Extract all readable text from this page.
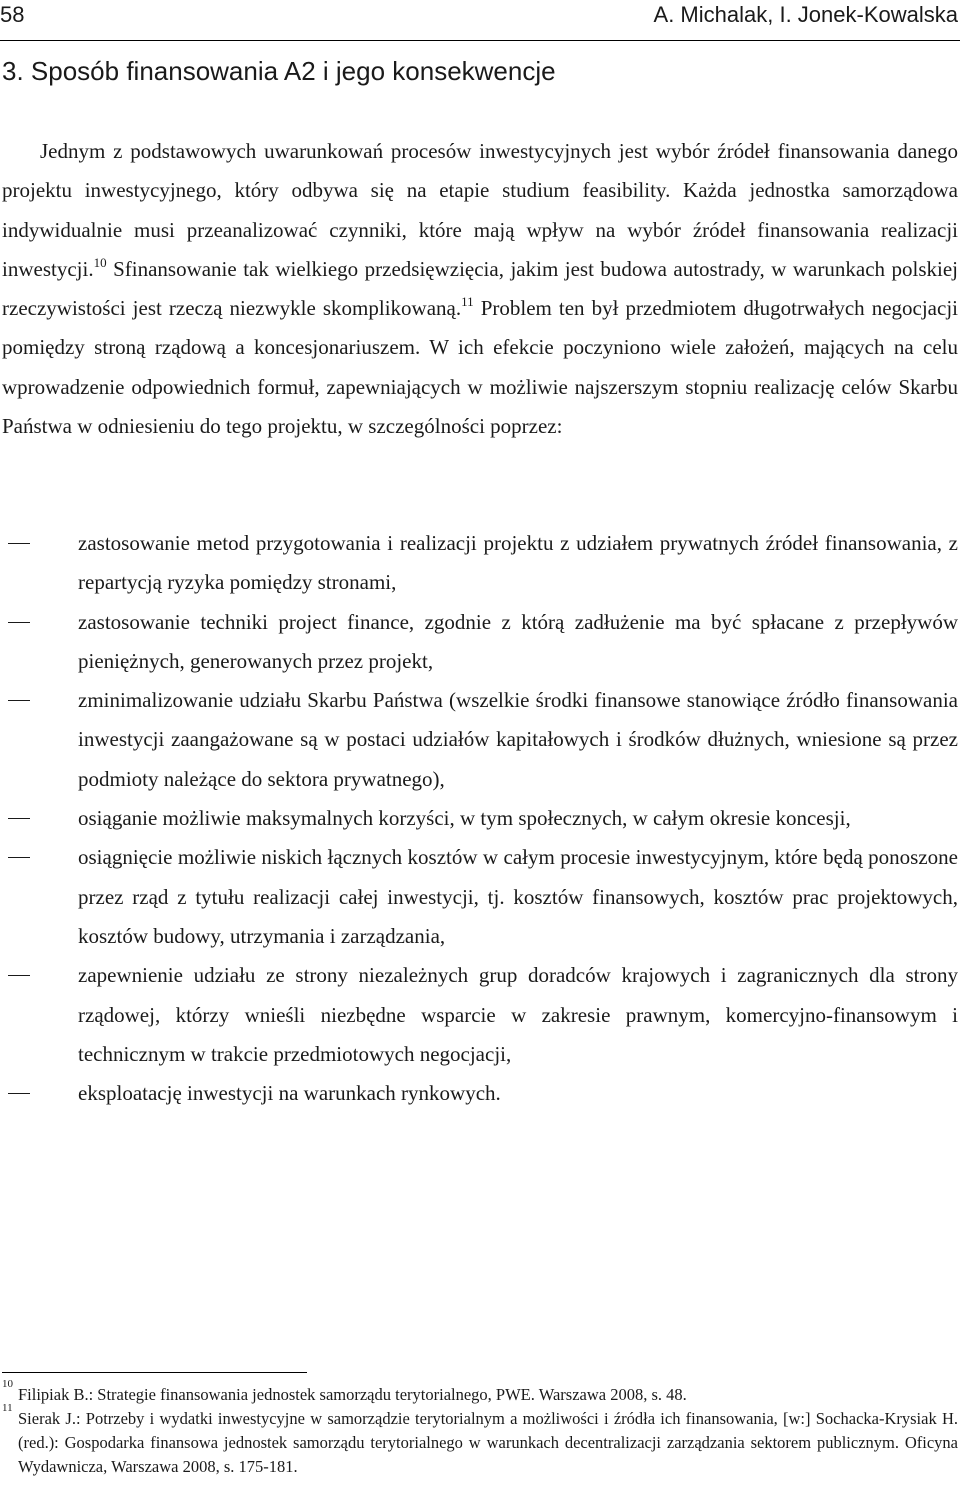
58	A. Michalak, I. Jonek-Kowalska
3. Sposób finansowania A2 i jego konsekwencje

Jednym z podstawowych uwarunkowań procesów inwestycyjnych jest wybór źródeł finansowania danego projektu inwestycyjnego, który odbywa się na etapie studium feasibility. Każda jednostka samorządowa indywidualnie musi przeanalizować czynniki, które mają wpływ na wybór źródeł finansowania realizacji inwestycji.$^{10}$ Sfinansowanie tak wielkiego przedsięwzięcia, jakim jest budowa autostrady, w warunkach polskiej rzeczywistości jest rzeczą niezwykle skomplikowaną.$^{11}$ Problem ten był przedmiotem długotrwałych negocjacji pomiędzy stroną rządową a koncesjonariuszem. W ich efekcie poczyniono wiele założeń, mających na celu wprowadzenie odpowiednich formuł, zapewniających w możliwie najszerszym stopniu realizację celów Skarbu Państwa w odniesieniu do tego projektu, w szczególności poprzez:

zastosowanie metod przygotowania i realizacji projektu z udziałem prywatnych źródeł finansowania, z repartycją ryzyka pomiędzy stronami,
zastosowanie techniki project finance, zgodnie z którą zadłużenie ma być spłacane z przepływów pieniężnych, generowanych przez projekt,
zminimalizowanie udziału Skarbu Państwa (wszelkie środki finansowe stanowiące źródło finansowania inwestycji zaangażowane są w postaci udziałów kapitałowych i środków dłużnych, wniesione są przez podmioty należące do sektora prywatnego),
osiąganie możliwie maksymalnych korzyści, w tym społecznych, w całym okresie koncesji,
osiągnięcie możliwie niskich łącznych kosztów w całym procesie inwestycyjnym, które będą ponoszone przez rząd z tytułu realizacji całej inwestycji, tj. kosztów finansowych, kosztów prac projektowych, kosztów budowy, utrzymania i zarządzania,
zapewnienie udziału ze strony niezależnych grup doradców krajowych i zagranicznych dla strony rządowej, którzy wnieśli niezbędne wsparcie w zakresie prawnym, komercyjno-finansowym i technicznym w trakcie przedmiotowych negocjacji,
eksploatację inwestycji na warunkach rynkowych.
10
Filipiak B.: Strategie finansowania jednostek samorządu terytorialnego, PWE. Warszawa 2008, s. 48.
11
Sierak J.: Potrzeby i wydatki inwestycyjne w samorządzie terytorialnym a możliwości i źródła ich finansowania, [w:] Sochacka-Krysiak H. (red.): Gospodarka finansowa jednostek samorządu terytorialnego w warunkach decentralizacji zarządzania sektorem publicznym. Oficyna Wydawnicza, Warszawa 2008, s. 175-181.
